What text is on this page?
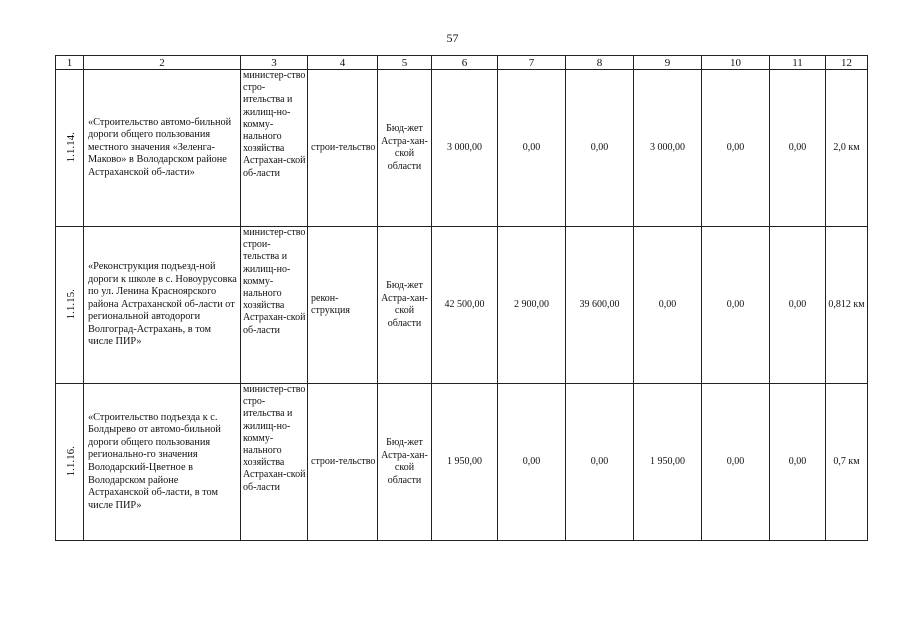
57
1	2	3	4	5	6	7	8	9	10	11	12
1.1.14.	«Строительство автомо-бильной дороги общего пользования местного значения «Зеленга-Маково» в Володарском районе Астраханской об-ласти»	министер-ство стро-ительства и жилищ-но-комму-нального хозяйства Астрахан-ской об-ласти	строи-тельство	Бюд-жет Астра-хан-ской области	3 000,00	0,00	0,00	3 000,00	0,00	0,00	2,0 км
1.1.15.	«Реконструкция подъезд-ной дороги к школе в с. Новоурусовка по ул. Ленина Красноярского района Астраханской об-ласти от региональной автодороги Волгоград-Астрахань, в том числе ПИР»	министер-ство строи-тельства и жилищ-но-комму-нального хозяйства Астрахан-ской об-ласти	рекон-струкция	Бюд-жет Астра-хан-ской области	42 500,00	2 900,00	39 600,00	0,00	0,00	0,00	0,812 км
1.1.16.	«Строительство подъезда к с. Болдырево от автомо-бильной дороги общего пользования регионально-го значения Володарский-Цветное в Володарском районе Астраханской об-ласти, в том числе ПИР»	министер-ство стро-ительства и жилищ-но-комму-нального хозяйства Астрахан-ской об-ласти	строи-тельство	Бюд-жет Астра-хан-ской области	1 950,00	0,00	0,00	1 950,00	0,00	0,00	0,7 км
